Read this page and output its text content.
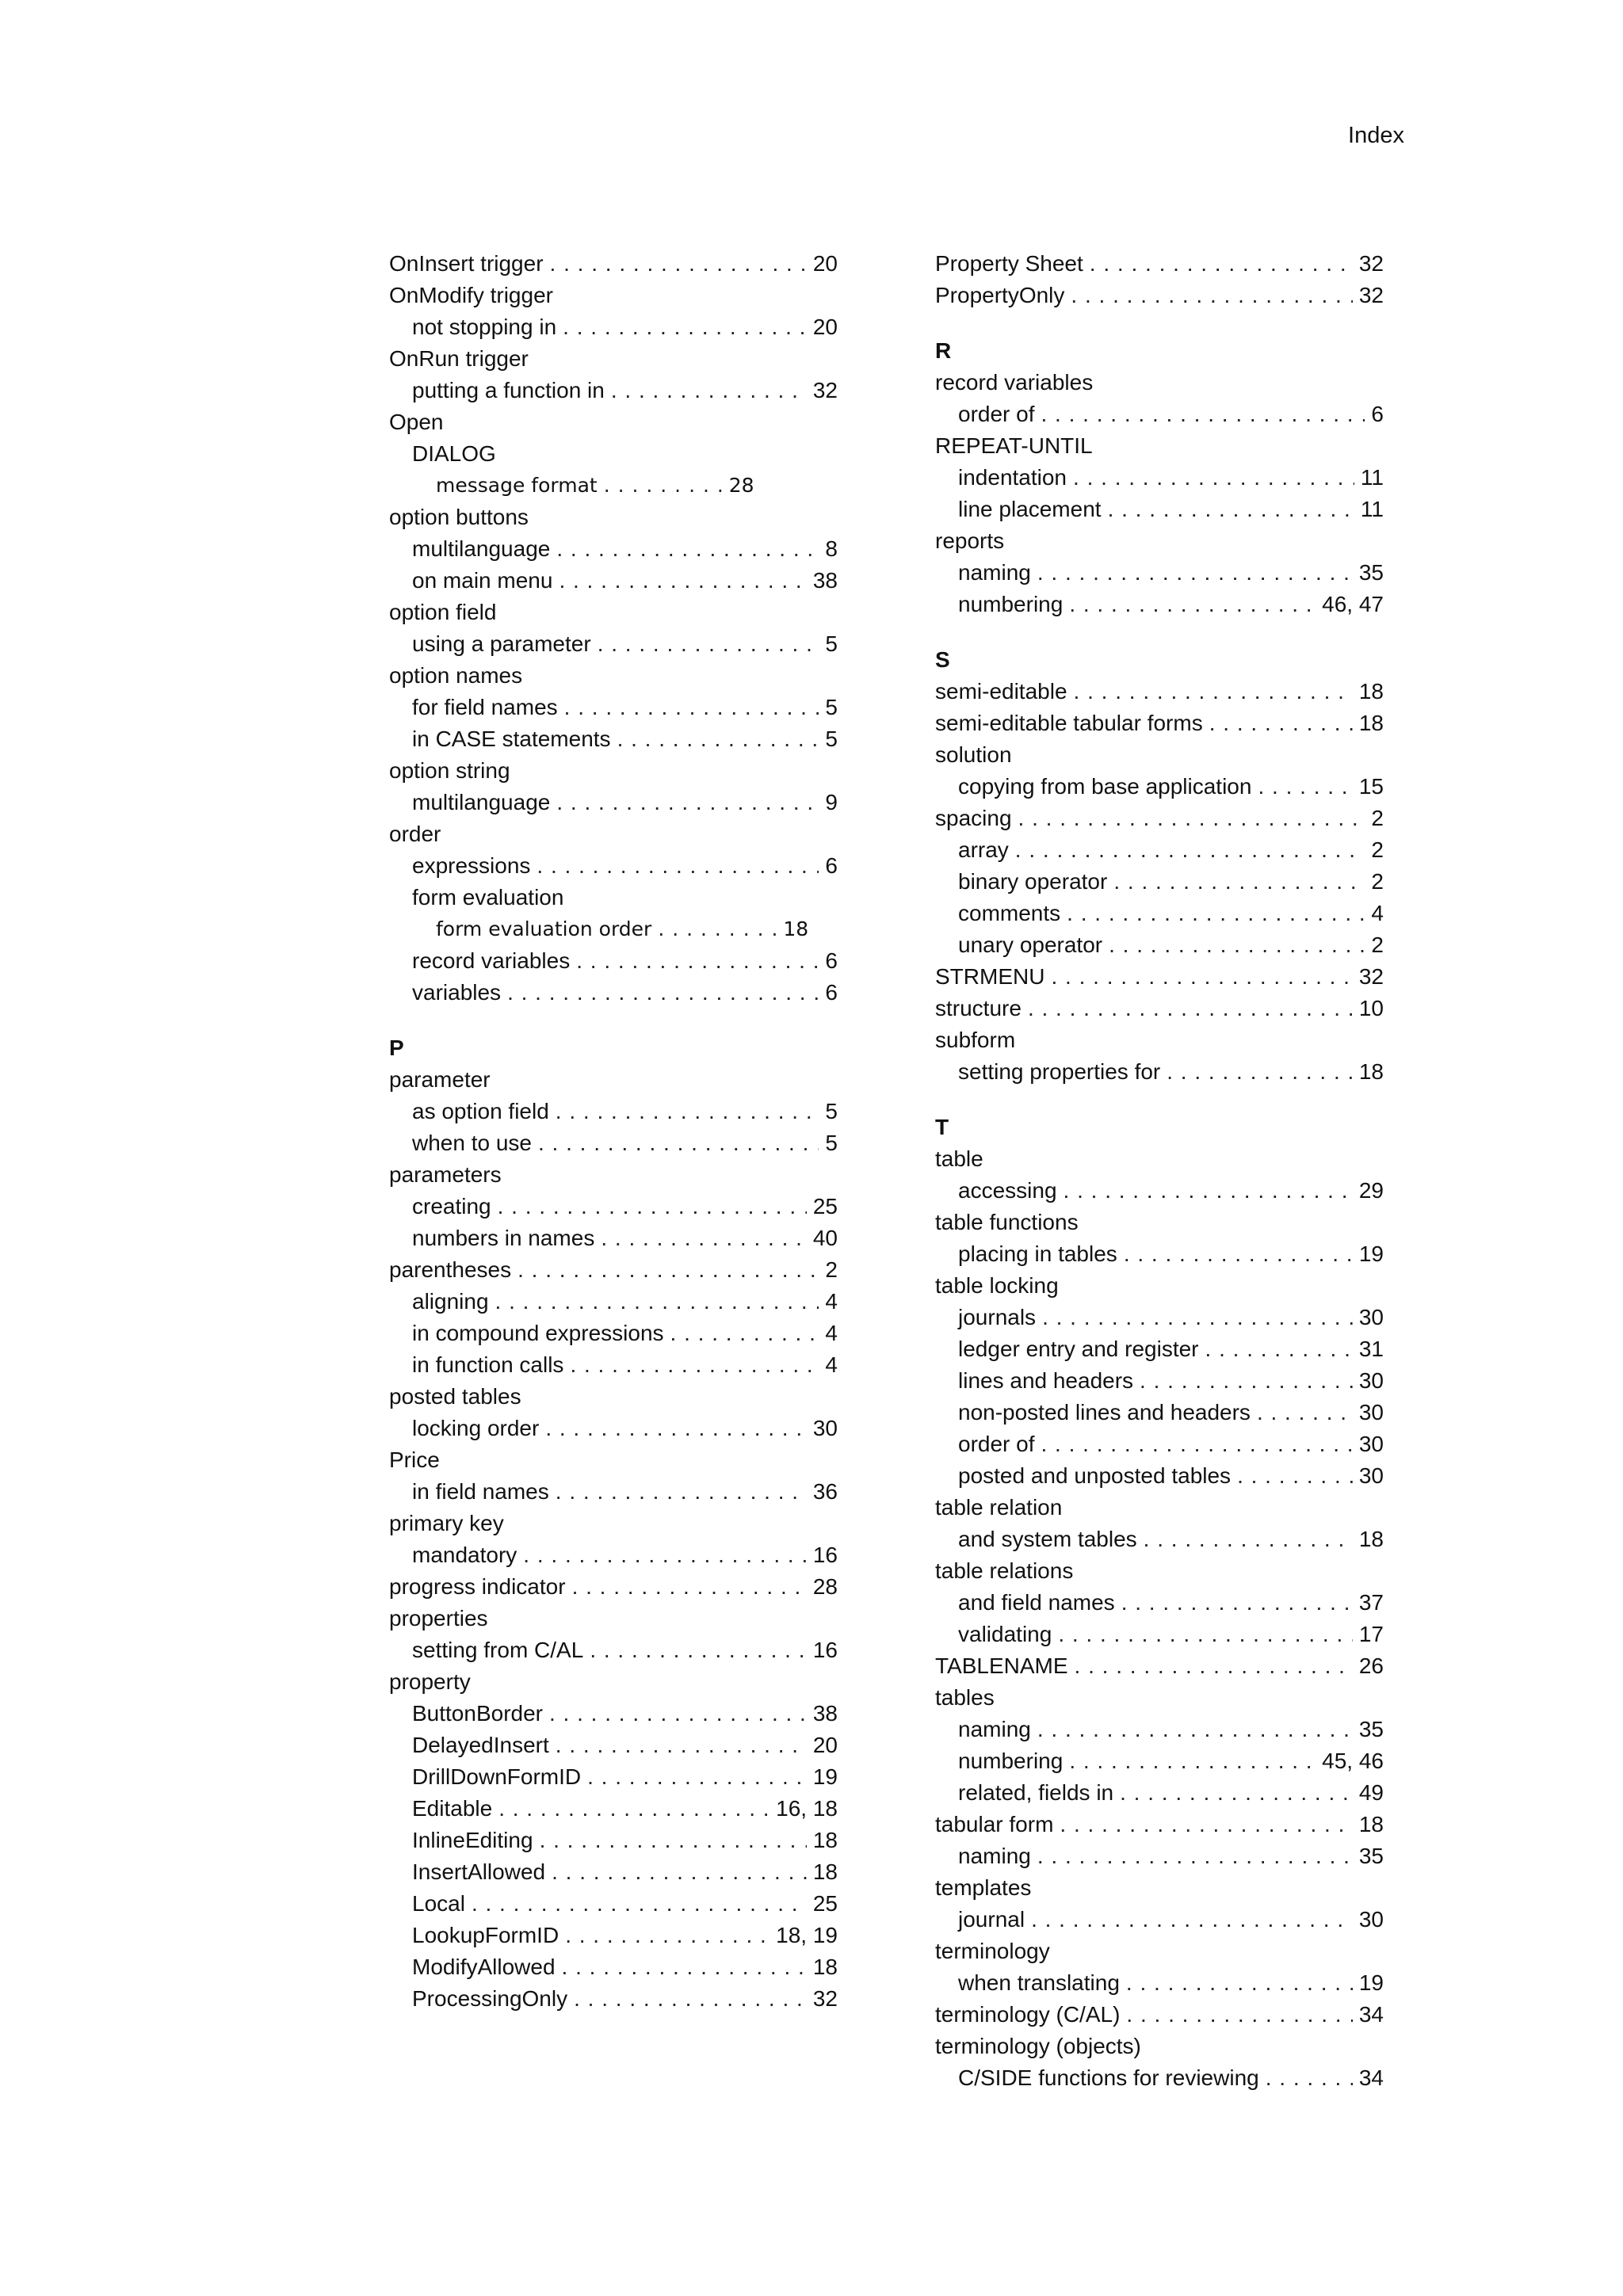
Index
OnInsert trigger . . .	20
OnModify trigger
not stopping in . . .	20
OnRun trigger
putting a function in . . .	32
Open
DIALOG
message format . . .	28
option buttons
multilanguage . . .	8
on main menu . . .	38
option field
using a parameter . . .	5
option names
for field names . . .	5
in CASE statements . . .	5
option string
multilanguage . . .	9
order
expressions . . .	6
form evaluation
form evaluation order . . .	18
record variables . . .	6
variables . . .	6
P
parameter
as option field . . .	5
when to use . . .	5
parameters
creating . . .	25
numbers in names . . .	40
parentheses . . .	2
aligning . . .	4
in compound expressions . . .	4
in function calls . . .	4
posted tables
locking order . . .	30
Price
in field names . . .	36
primary key
mandatory . . .	16
progress indicator . . .	28
properties
setting from C/AL . . .	16
property
ButtonBorder . . .	38
DelayedInsert . . .	20
DrillDownFormID . . .	19
Editable . . .	16, 18
InlineEditing . . .	18
InsertAllowed . . .	18
Local . . .	25
LookupFormID . . .	18, 19
ModifyAllowed . . .	18
ProcessingOnly . . .	32
Property Sheet . . .	32
PropertyOnly . . .	32
R
record variables
order of . . .	6
REPEAT-UNTIL
indentation . . .	11
line placement . . .	11
reports
naming . . .	35
numbering . . .	46, 47
S
semi-editable . . .	18
semi-editable tabular forms . . .	18
solution
copying from base application . . .	15
spacing . . .	2
array . . .	2
binary operator . . .	2
comments . . .	4
unary operator . . .	2
STRMENU . . .	32
structure . . .	10
subform
setting properties for . . .	18
T
table
accessing . . .	29
table functions
placing in tables . . .	19
table locking
journals . . .	30
ledger entry and register . . .	31
lines and headers . . .	30
non-posted lines and headers . . .	30
order of . . .	30
posted and unposted tables . . .	30
table relation
and system tables . . .	18
table relations
and field names . . .	37
validating . . .	17
TABLENAME . . .	26
tables
naming . . .	35
numbering . . .	45, 46
related, fields in . . .	49
tabular form . . .	18
naming . . .	35
templates
journal . . .	30
terminology
when translating . . .	19
terminology (C/AL) . . .	34
terminology (objects)
C/SIDE functions for reviewing . . .	34
